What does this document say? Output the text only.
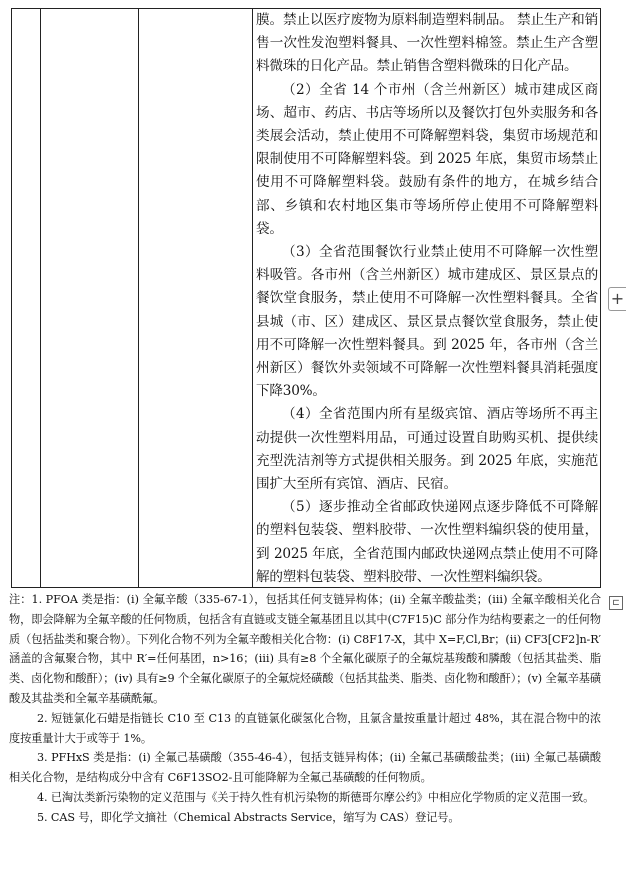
膜。禁止以医疗废物为原料制造塑料制品。 禁止生产和销售一次性发泡塑料餐具、一次性塑料棉签。禁止生产含塑料微珠的日化产品。禁止销售含塑料微珠的日化产品。

（2）全省 14 个市州（含兰州新区）城市建成区商场、超市、药店、书店等场所以及餐饮打包外卖服务和各类展会活动，禁止使用不可降解塑料袋，集贸市场规范和限制使用不可降解塑料袋。到 2025 年底，集贸市场禁止使用不可降解塑料袋。鼓励有条件的地方，在城乡结合部、乡镇和农村地区集市等场所停止使用不可降解塑料袋。

（3）全省范围餐饮行业禁止使用不可降解一次性塑料吸管。各市州（含兰州新区）城市建成区、景区景点的餐饮堂食服务，禁止使用不可降解一次性塑料餐具。全省县城（市、区）建成区、景区景点餐饮堂食服务，禁止使用不可降解一次性塑料餐具。到 2025 年，各市州（含兰州新区）餐饮外卖领域不可降解一次性塑料餐具消耗强度下降30%。

（4）全省范围内所有星级宾馆、酒店等场所不再主动提供一次性塑料用品，可通过设置自助购买机、提供续充型洗洁剂等方式提供相关服务。到 2025 年底，实施范围扩大至所有宾馆、酒店、民宿。

（5）逐步推动全省邮政快递网点逐步降低不可降解的塑料包装袋、塑料胶带、一次性塑料编织袋的使用量，到 2025 年底，全省范围内邮政快递网点禁止使用不可降解的塑料包装袋、塑料胶带、一次性塑料编织袋。

+
⊏

注：1. PFOA 类是指：(ⅰ) 全氟辛酸（335-67-1），包括其任何支链异构体；(ⅱ) 全氟辛酸盐类；(ⅲ) 全氟辛酸相关化合物，即会降解为全氟辛酸的任何物质，包括含有直链或支链全氟基团且以其中(C7F15)C 部分作为结构要素之一的任何物质（包括盐类和聚合物）。下列化合物不列为全氟辛酸相关化合物：(ⅰ) C8F17-X，其中 X=F,Cl,Br；(ⅱ) CF3[CF2]n-R′ 涵盖的含氟聚合物，其中 R′=任何基团，n>16；(ⅲ) 具有≥8 个全氟化碳原子的全氟烷基羧酸和膦酸（包括其盐类、脂类、卤化物和酸酐）；(ⅳ) 具有≥9 个全氟化碳原子的全氟烷烃磺酸（包括其盐类、脂类、卤化物和酸酐）；(ⅴ) 全氟辛基磺酸及其盐类和全氟辛基磺酰氟。

2. 短链氯化石蜡是指链长 C10 至 C13 的直链氯化碳氢化合物，且氯含量按重量计超过 48%，其在混合物中的浓度按重量计大于或等于 1%。

3. PFHxS 类是指：(ⅰ) 全氟己基磺酸（355-46-4），包括支链异构体；(ⅱ) 全氟己基磺酸盐类；(ⅲ) 全氟己基磺酸相关化合物，是结构成分中含有 C6F13SO2-且可能降解为全氟己基磺酸的任何物质。

4. 已淘汰类新污染物的定义范围与《关于持久性有机污染物的斯德哥尔摩公约》中相应化学物质的定义范围一致。

5. CAS 号，即化学文摘社（Chemical Abstracts Service，缩写为 CAS）登记号。
